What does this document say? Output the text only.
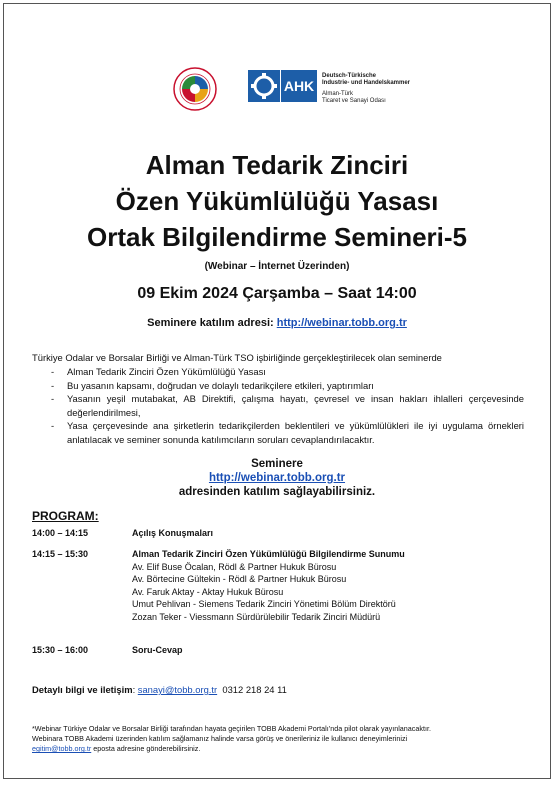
AHK
Deutsch-Türkische
Industrie- und Handelskammer
Alman-Türk
Ticaret ve Sanayi Odası
Alman Tedarik Zinciri
Özen Yükümlülüğü Yasası
Ortak Bilgilendirme Semineri-5
(Webinar – İnternet Üzerinden)
09 Ekim 2024 Çarşamba – Saat 14:00
Seminere katılım adresi: http://webinar.tobb.org.tr
Türkiye Odalar ve Borsalar Birliği ve Alman-Türk TSO işbirliğinde gerçekleştirilecek olan seminerde
- Alman Tedarik Zinciri Özen Yükümlülüğü Yasası
- Bu yasanın kapsamı, doğrudan ve dolaylı tedarikçilere etkileri, yaptırımları
- Yasanın yeşil mutabakat, AB Direktifi, çalışma hayatı, çevresel ve insan hakları ihlalleri çerçevesinde değerlendirilmesi,
- Yasa çerçevesinde ana şirketlerin tedarikçilerden beklentileri ve yükümlülükleri ile iyi uygulama örnekleri anlatılacak ve seminer sonunda katılımcıların soruları cevaplandırılacaktır.
Seminere
http://webinar.tobb.org.tr
adresinden katılım sağlayabilirsiniz.
PROGRAM:
14:00 – 14:15	Açılış Konuşmaları
14:15 – 15:30	Alman Tedarik Zinciri Özen Yükümlülüğü Bilgilendirme Sunumu
Av. Elif Buse Öcalan, Rödl & Partner Hukuk Bürosu
Av. Börtecine Gültekin - Rödl & Partner Hukuk Bürosu
Av. Faruk Aktay - Aktay Hukuk Bürosu
Umut Pehlivan - Siemens Tedarik Zinciri Yönetimi Bölüm Direktörü
Zozan Teker - Viessmann Sürdürülebilir Tedarik Zinciri Müdürü
15:30 – 16:00	Soru-Cevap
Detaylı bilgi ve iletişim: sanayi@tobb.org.tr 0312 218 24 11
*Webinar Türkiye Odalar ve Borsalar Birliği tarafından hayata geçirilen TOBB Akademi Portalı’nda pilot olarak yayınlanacaktır.
Webinara TOBB Akademi üzerinden katılım sağlamanız halinde varsa görüş ve önerileriniz ile kullanıcı deneyimlerinizi
egitim@tobb.org.tr eposta adresine gönderebilirsiniz.
